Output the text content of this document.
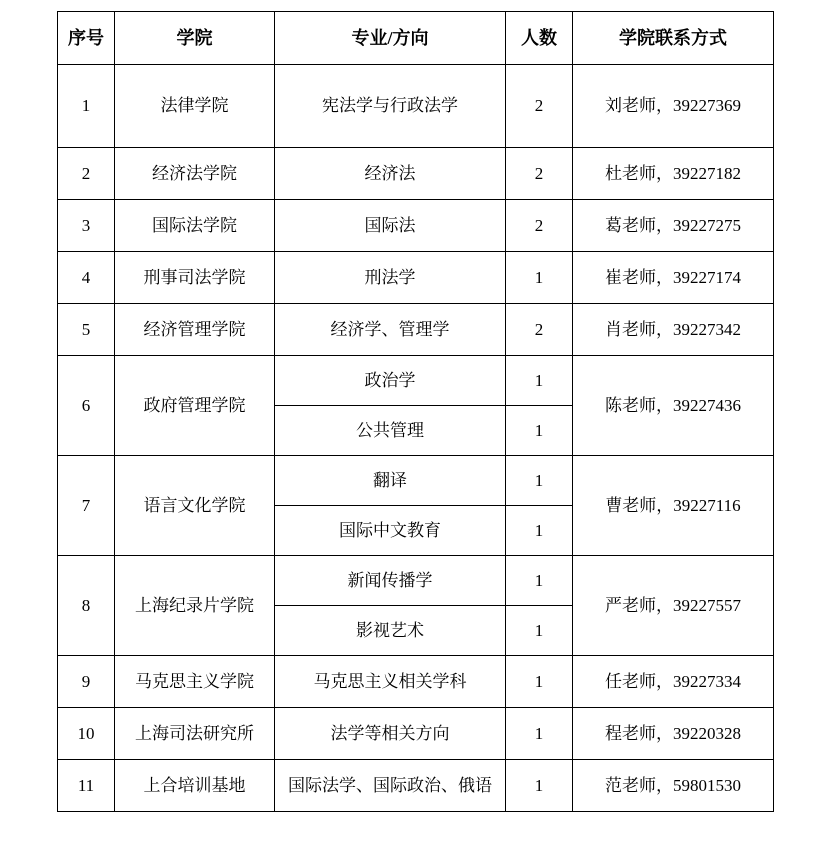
序号	学院	专业/方向	人数	学院联系方式
1	法律学院	宪法学与行政法学	2	刘老师，39227369
2	经济法学院	经济法	2	杜老师，39227182
3	国际法学院	国际法	2	葛老师，39227275
4	刑事司法学院	刑法学	1	崔老师，39227174
5	经济管理学院	经济学、管理学	2	肖老师，39227342
6	政府管理学院	政治学	1	陈老师，39227436
		公共管理	1	
7	语言文化学院	翻译	1	曹老师，39227116
		国际中文教育	1	
8	上海纪录片学院	新闻传播学	1	严老师，39227557
		影视艺术	1	
9	马克思主义学院	马克思主义相关学科	1	任老师，39227334
10	上海司法研究所	法学等相关方向	1	程老师，39220328
11	上合培训基地	国际法学、国际政治、俄语	1	范老师，59801530
